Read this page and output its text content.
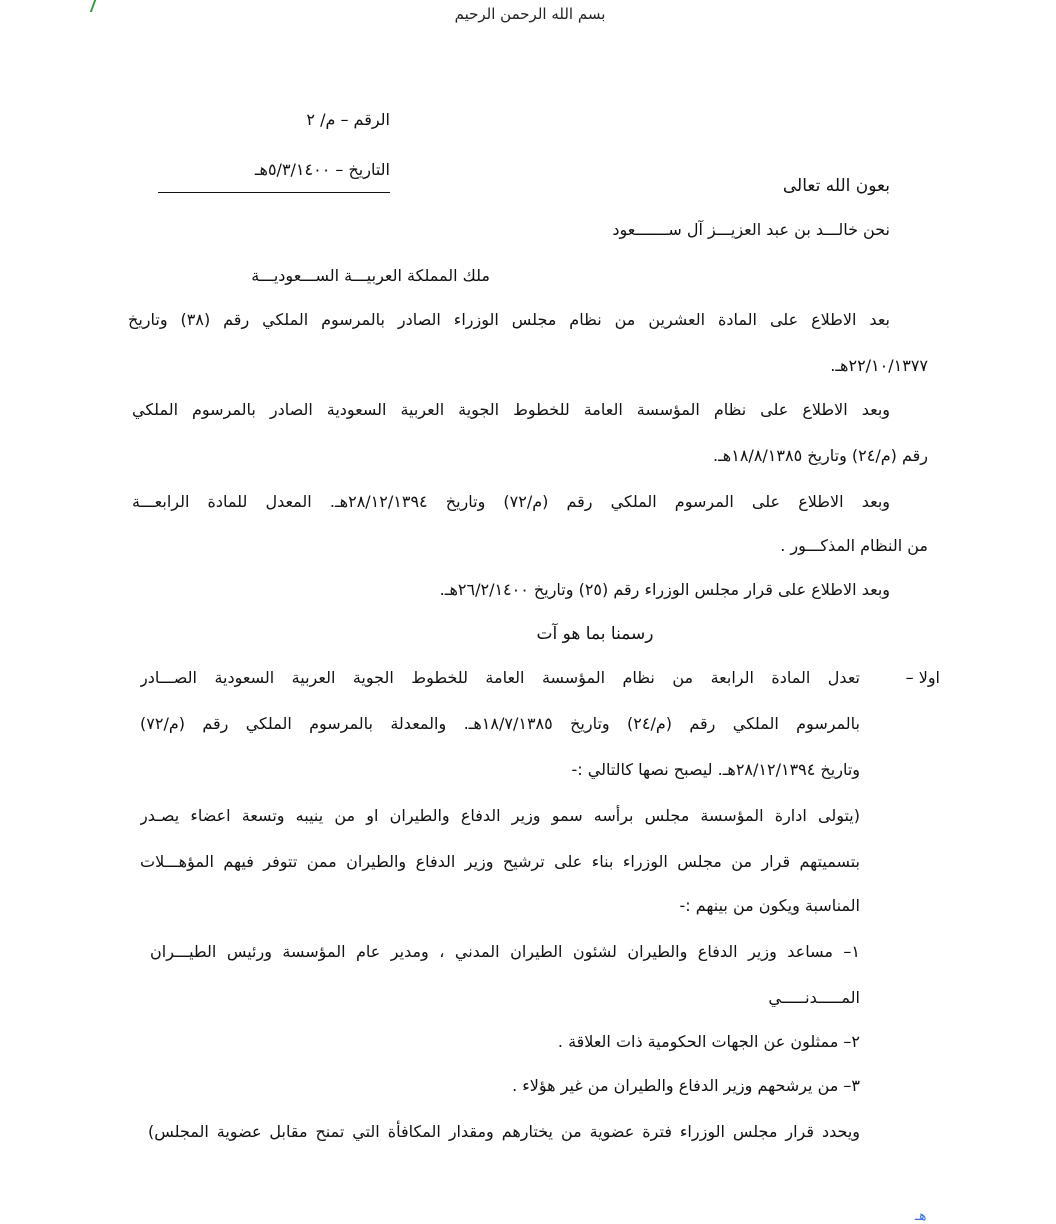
بسم الله الرحمن الرحيم
الرقم – م/ ٢
التاريخ – ٥/٣/١٤٠٠هـ
بعون الله تعالى
نحن خالـــد بن عبد العزيـــز آل ســـــــعود
ملك المملكة العربيـــة الســـعوديـــة
بعد الاطلاع على المادة العشرين من نظام مجلس الوزراء الصادر بالمرسوم الملكي رقم (٣٨) وتاريخ
٢٢/١٠/١٣٧٧هـ.
وبعد الاطلاع على نظام المؤسسة العامة للخطوط الجوية العربية السعودية الصادر بالمرسوم الملكي
رقم (م/٢٤) وتاريخ ١٨/٨/١٣٨٥هـ.
وبعد الاطلاع على المرسوم الملكي رقم (م/٧٢) وتاريخ ٢٨/١٢/١٣٩٤هـ. المعدل للمادة الرابعـــة
من النظام المذكـــور .
وبعد الاطلاع على قرار مجلس الوزراء رقم (٢٥) وتاريخ ٢٦/٢/١٤٠٠هـ.
رسمنا بما هو آت
اولا –
تعدل المادة الرابعة من نظام المؤسسة العامة للخطوط الجوية العربية السعودية الصـــادر
بالمرسوم الملكي رقم (م/٢٤) وتاريخ ١٨/٧/١٣٨٥هـ. والمعدلة بالمرسوم الملكي رقم (م/٧٢)
وتاريخ ٢٨/١٢/١٣٩٤هـ. ليصبح نصها كالتالي :-
(يتولى ادارة المؤسسة مجلس برأسه سمو وزير الدفاع والطيران او من ينيبه وتسعة اعضاء يصـدر
بتسميتهم قرار من مجلس الوزراء بناء على ترشيح وزير الدفاع والطيران ممن تتوفر فيهم المؤهـــلات
المناسبة ويكون من بينهم :-
١– مساعد وزير الدفاع والطيران لشئون الطيران المدني ، ومدير عام المؤسسة ورئيس الطيـــران
المـــــدنـــــي
٢– ممثلون عن الجهات الحكومية ذات العلاقة .
٣– من يرشحهم وزير الدفاع والطيران من غير هؤلاء .
ويحدد قرار مجلس الوزراء فترة عضوية من يختارهم ومقدار المكافأة التي تمنح مقابل عضوية المجلس)
هـ
